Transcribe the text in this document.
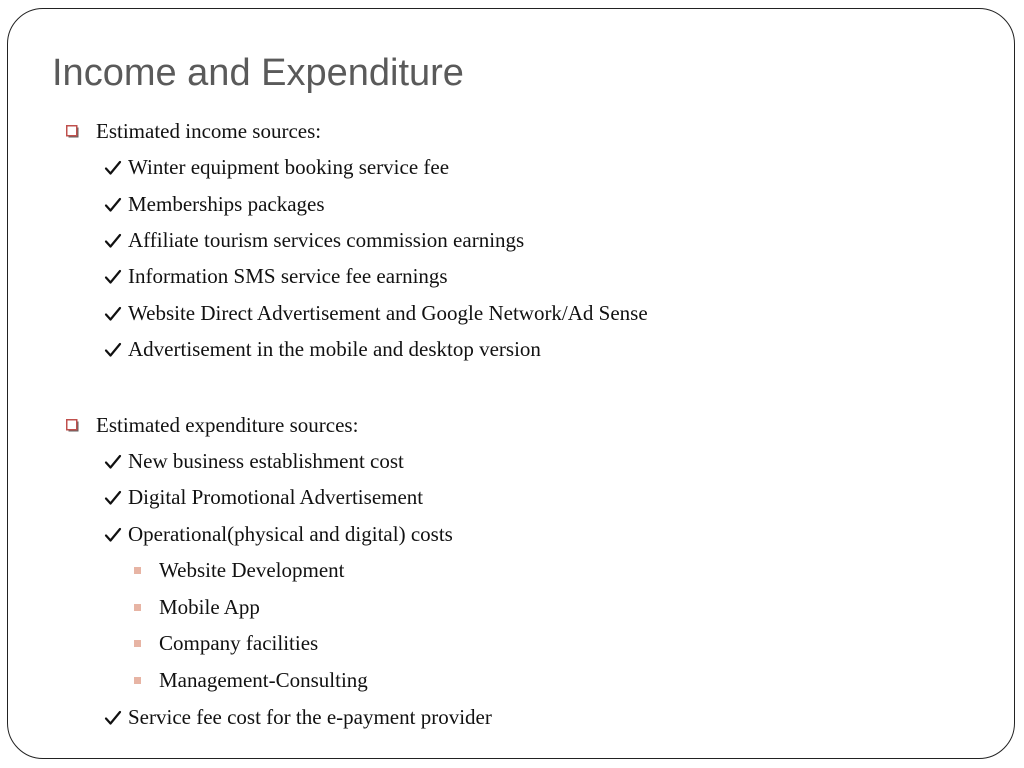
Income and Expenditure
Estimated income sources:
Winter equipment booking service fee
Memberships packages
Affiliate tourism services commission earnings
Information SMS service fee earnings
Website Direct Advertisement and Google Network/Ad Sense
Advertisement in the mobile and desktop version
Estimated expenditure sources:
New business establishment cost
Digital Promotional Advertisement
Operational(physical and digital) costs
Website Development
Mobile App
Company facilities
Management-Consulting
Service fee cost for the e-payment provider
